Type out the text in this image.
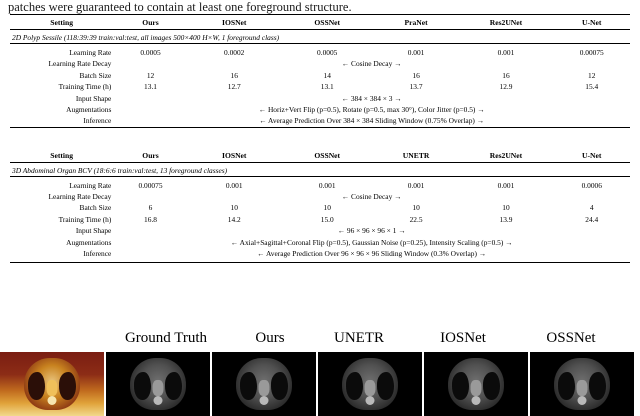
patches were guaranteed to contain at least one foreground structure.

Setting	Ours	IOSNet	OSSNet	PraNet	Res2UNet	U-Net

2D Polyp Sessile (118:39:39 train:val:test, all images 500×400 H×W, 1 foreground class)						

Learning Rate	0.0005	0.0002	0.0005	0.001	0.001	0.00075
Learning Rate Decay	← Cosine Decay →					
Batch Size	12	16	14	16	16	12
Training Time (h)	13.1	12.7	13.1	13.7	12.9	15.4
Input Shape	← 384 × 384 × 3 →					
Augmentations	← Horiz+Vert Flip (p=0.5), Rotate (p=0.5, max 30°), Color Jitter (p=0.5) →					
Inference	← Average Prediction Over 384 × 384 Sliding Window (0.75% Overlap) →					

Setting	Ours	IOSNet	OSSNet	UNETR	Res2UNet	U-Net

3D Abdominal Organ BCV (18:6:6 train:val:test, 13 foreground classes)						

Learning Rate	0.00075	0.001	0.001	0.001	0.001	0.0006
Learning Rate Decay	← Cosine Decay →					
Batch Size	6	10	10	10	10	4
Training Time (h)	16.8	14.2	15.0	22.5	13.9	24.4
Input Shape	← 96 × 96 × 96 × 1 →					
Augmentations	← Axial+Sagittal+Coronal Flip (p=0.5), Gaussian Noise (p=0.25), Intensity Scaling (p=0.5) →					
Inference	← Average Prediction Over 96 × 96 × 96 Sliding Window (0.3% Overlap) →					

Ground Truth	Ours	UNETR	IOSNet	OSSNet
